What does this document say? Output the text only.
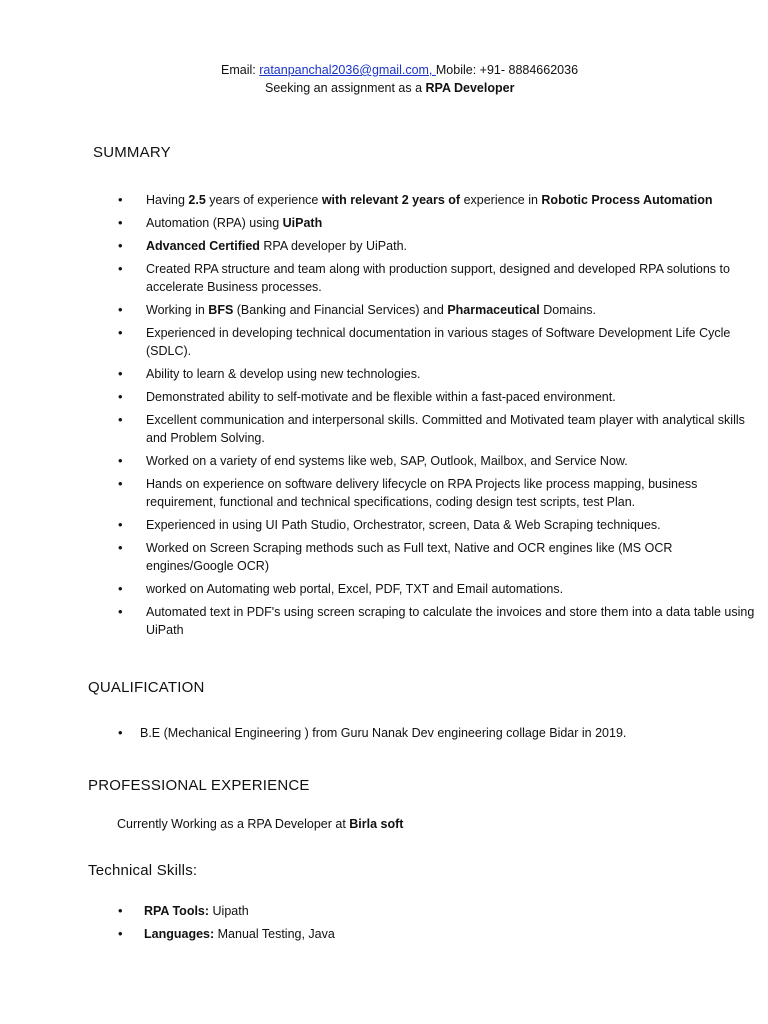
Email: ratanpanchal2036@gmail.com, Mobile: +91- 8884662036
Seeking an assignment as a RPA Developer
SUMMARY
• Having 2.5 years of experience with relevant 2 years of experience in Robotic Process Automation
• Automation (RPA) using UiPath
• Advanced Certified RPA developer by UiPath.
• Created RPA structure and team along with production support, designed and developed RPA solutions to accelerate Business processes.
• Working in BFS (Banking and Financial Services) and Pharmaceutical Domains.
• Experienced in developing technical documentation in various stages of Software Development Life Cycle (SDLC).
• Ability to learn & develop using new technologies.
• Demonstrated ability to self-motivate and be flexible within a fast-paced environment.
• Excellent communication and interpersonal skills. Committed and Motivated team player with analytical skills and Problem Solving.
• Worked on a variety of end systems like web, SAP, Outlook, Mailbox, and Service Now.
• Hands on experience on software delivery lifecycle on RPA Projects like process mapping, business requirement, functional and technical specifications, coding design test scripts, test Plan.
• Experienced in using UI Path Studio, Orchestrator, screen, Data & Web Scraping techniques.
• Worked on Screen Scraping methods such as Full text, Native and OCR engines like (MS OCR engines/Google OCR)
• worked on Automating web portal, Excel, PDF, TXT and Email automations.
• Automated text in PDF's using screen scraping to calculate the invoices and store them into a data table using UiPath
QUALIFICATION
• B.E (Mechanical Engineering ) from Guru Nanak Dev engineering collage Bidar in 2019.
PROFESSIONAL EXPERIENCE
Currently Working as a RPA Developer at Birla soft
Technical Skills:
• RPA Tools: Uipath
• Languages: Manual Testing, Java
